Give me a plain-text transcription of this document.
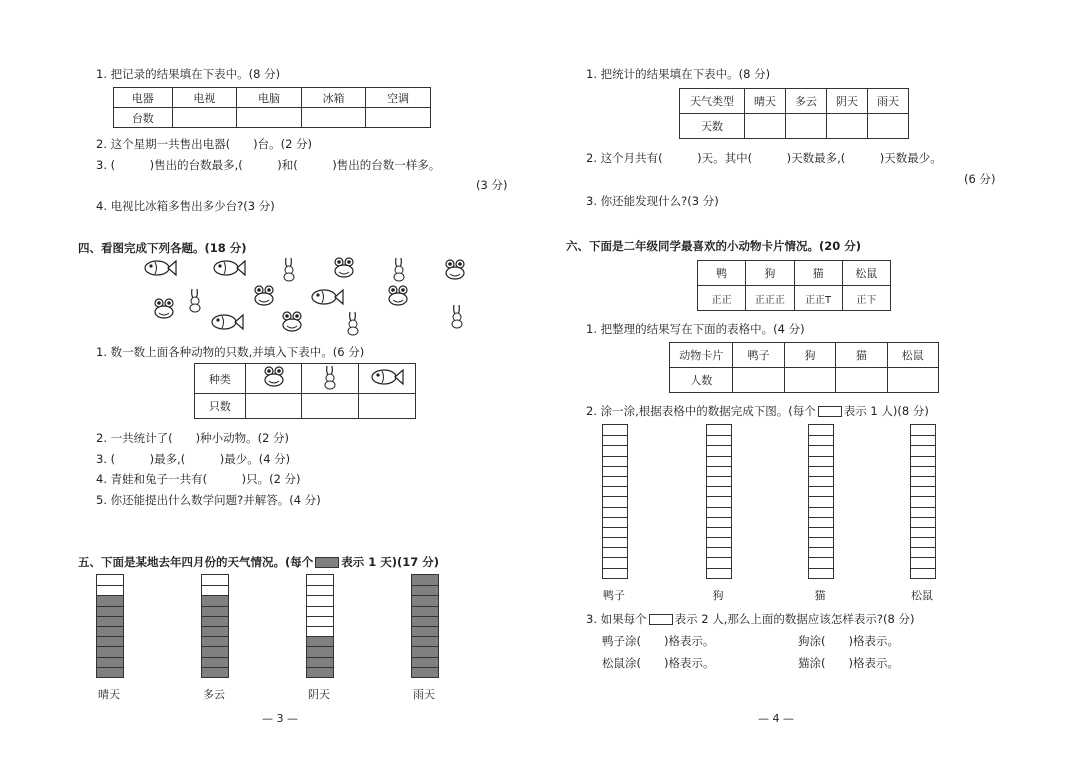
1. 把记录的结果填在下表中。(8 分)
电器	电视	电脑	冰箱	空调
台数				
2. 这个星期一共售出电器(　　)台。(2 分)
3. (　　　)售出的台数最多,(　　　)和(　　　)售出的台数一样多。
(3 分)
4. 电视比冰箱多售出多少台?(3 分)
四、看图完成下列各题。(18 分)
1. 数一数上面各种动物的只数,并填入下表中。(6 分)
种类			
只数			
2. 一共统计了(　　)种小动物。(2 分)
3. (　　　)最多,(　　　)最少。(4 分)
4. 青蛙和兔子一共有(　　　)只。(2 分)
5. 你还能提出什么数学问题?并解答。(4 分)
五、下面是某地去年四月份的天气情况。(每个 表示 1 天)(17 分)
晴天	多云	阴天	雨天
— 3 —
1. 把统计的结果填在下表中。(8 分)
天气类型	晴天	多云	阴天	雨天
天数				
2. 这个月共有(　　　)天。其中(　　　)天数最多,(　　　)天数最少。
(6 分)
3. 你还能发现什么?(3 分)
六、下面是二年级同学最喜欢的小动物卡片情况。(20 分)
鸭	狗	猫	松鼠
正正	正正正	正正T	正下
1. 把整理的结果写在下面的表格中。(4 分)
动物卡片	鸭子	狗	猫	松鼠
人数				
2. 涂一涂,根据表格中的数据完成下图。(每个 表示 1 人)(8 分)
鸭子	狗	猫	松鼠
3. 如果每个 表示 2 人,那么上面的数据应该怎样表示?(8 分)
鸭子涂(　　)格表示。	狗涂(　　)格表示。
松鼠涂(　　)格表示。	猫涂(　　)格表示。
— 4 —
